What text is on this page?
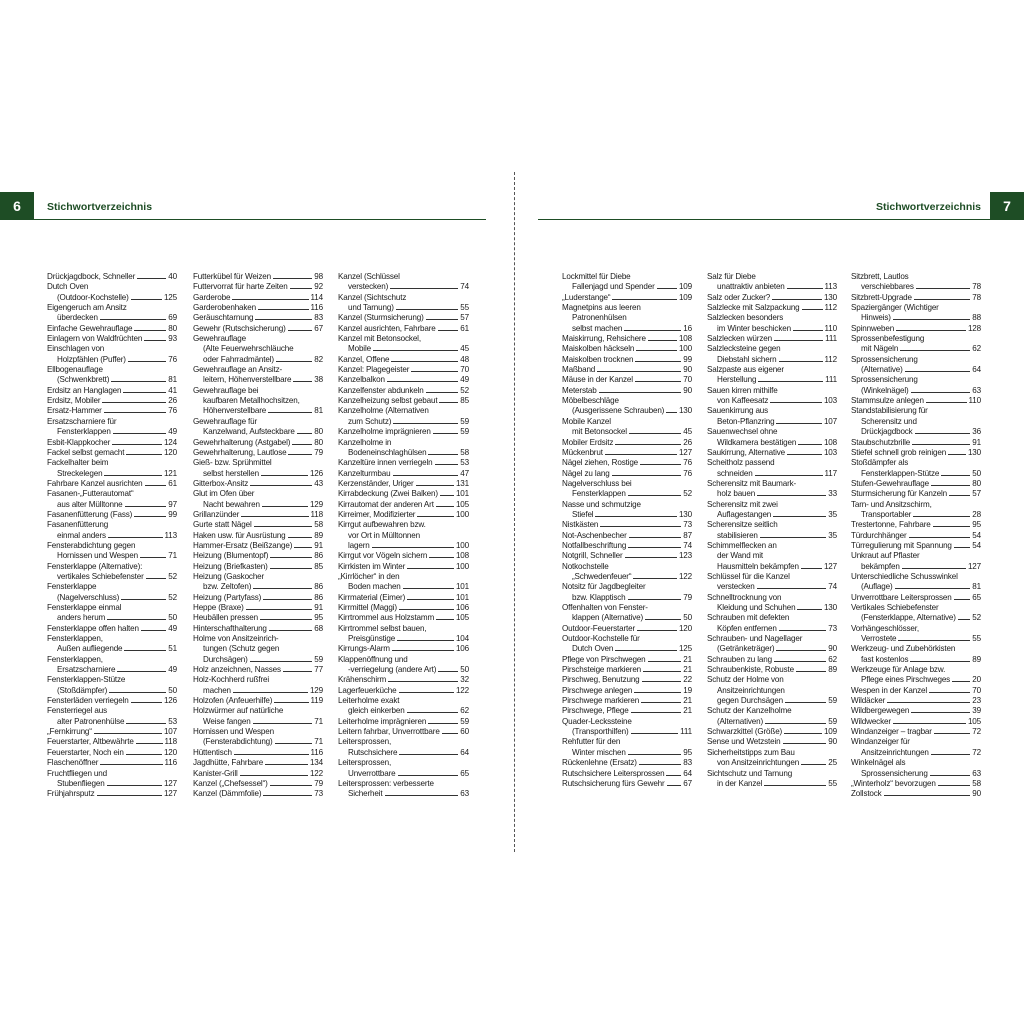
6	Stichwortverzeichnis
Drückjagdbock, Schneller	40
Dutch Oven
(Outdoor-Kochstelle)	125
Eigengeruch am Ansitz
überdecken	69
Einfache Gewehrauflage	80
Einlagern von Waldfrüchten	93
Einschlagen von
Holzpfählen (Puffer)	76
Ellbogenauflage
(Schwenkbrett)	81
Erdsitz an Hanglagen	41
Erdsitz, Mobiler	26
Ersatz-Hammer	76
Ersatzscharniere für
Fensterklappen	49
Esbit-Klappkocher	124
Fackel selbst gemacht	120
Fackelhalter beim
Streckelegen	121
Fahrbare Kanzel ausrichten	61
Fasanen-„Futterautomat“
aus alter Mülltonne	97
Fasanenfütterung (Fass)	99
Fasanenfütterung
einmal anders	113
Fensterabdichtung gegen
Hornissen und Wespen	71
Fensterklappe (Alternative):
vertikales Schiebefenster	52
Fensterklappe
(Nagelverschluss)	52
Fensterklappe einmal
anders herum	50
Fensterklappe offen halten	49
Fensterklappen,
Außen aufliegende	51
Fensterklappen,
Ersatzscharniere	49
Fensterklappen-Stütze
(Stoßdämpfer)	50
Fensterläden verriegeln	126
Fensterriegel aus
alter Patronenhülse	53
„Fernkirrung“	107
Feuerstarter, Altbewährte	118
Feuerstarter, Noch ein	120
Flaschenöffner	116
Fruchtfliegen und
Stubenfliegen	127
Frühjahrsputz	127
Futterkübel für Weizen	98
Futtervorrat für harte Zeiten	92
Garderobe	114
Garderobenhaken	116
Geräuschtarnung	83
Gewehr (Rutschsicherung)	67
Gewehrauflage
(Alte Feuerwehrschläuche
oder Fahrradmäntel)	82
Gewehrauflage an Ansitz-
leitern, Höhenverstellbare	38
Gewehrauflage bei
kaufbaren Metallhochsitzen,
Höhenverstellbare	81
Gewehrauflage für
Kanzelwand, Aufsteckbare 80
Gewehrhalterung (Astgabel)	80
Gewehrhalterung, Lautlose	79
Gieß- bzw. Sprühmittel
selbst herstellen	126
Gitterbox-Ansitz	43
Glut im Ofen über
Nacht bewahren	129
Grillanzünder	118
Gurte statt Nägel	58
Haken usw. für Ausrüstung	89
Hammer-Ersatz (Beißzange)	91
Heizung (Blumentopf)	86
Heizung (Briefkasten)	85
Heizung (Gaskocher
bzw. Zeltofen)	86
Heizung (Partyfass)	86
Heppe (Braxe)	91
Heubällen pressen	95
Hinterschafthalterung	68
Holme von Ansitzeinrich-
tungen (Schutz gegen
Durchsägen)	59
Holz anzeichnen, Nasses	77
Holz-Kochherd rußfrei
machen	129
Holzofen (Anfeuerhilfe)	119
Holzwürmer auf natürliche
Weise fangen	71
Hornissen und Wespen
(Fensterabdichtung)	71
Hüttentisch	116
Jagdhütte, Fahrbare	134
Kanister-Grill	122
Kanzel („Chefsessel“)	79
Kanzel (Dämmfolie)	73
Kanzel (Schlüssel
verstecken)	74
Kanzel (Sichtschutz
und Tarnung)	55
Kanzel (Sturmsicherung)	57
Kanzel ausrichten, Fahrbare	61
Kanzel mit Betonsockel,
Mobile	45
Kanzel, Offene	48
Kanzel: Plagegeister	70
Kanzelbalkon	49
Kanzelfenster abdunkeln	52
Kanzelheizung selbst gebaut	85
Kanzelholme (Alternativen
zum Schutz)	59
Kanzelholme imprägnieren	59
Kanzelholme in
Bodeneinschlaghülsen	58
Kanzeltüre innen verriegeln	53
Kanzelturmbau	47
Kerzenständer, Uriger	131
Kirrabdeckung (Zwei Balken) 101
Kirrautomat der anderen Art	105
Kirreimer, Modifizierter	100
Kirrgut aufbewahren bzw.
vor Ort in Mülltonnen
lagern	100
Kirrgut vor Vögeln sichern	108
Kirrkisten im Winter	100
„Kirrlöcher“ in den
Boden machen	101
Kirrmaterial (Eimer)	101
Kirrmittel (Maggi)	106
Kirrtrommel aus Holzstamm	105
Kirrtrommel selbst bauen,
Preisgünstige	104
Kirrungs-Alarm	106
Klappenöffnung und
-verriegelung (andere Art)	50
Krähenschirm	32
Lagerfeuerküche	122
Leiterholme exakt
gleich einkerben	62
Leiterholme imprägnieren	59
Leitern fahrbar, Unverrottbare	60
Leitersprossen,
Rutschsichere	64
Leitersprossen,
Unverrottbare	65
Leitersprossen: verbesserte
Sicherheit	63
7
Stichwortverzeichnis
Lockmittel für Diebe
Fallenjagd und Spender	109
„Luderstange“	109
Magnetpins aus leeren
Patronenhülsen
selbst machen	16
Maiskirrung, Rehsichere	108
Maiskolben häckseln	100
Maiskolben trocknen	99
Maßband	90
Mäuse in der Kanzel	70
Meterstab	90
Möbelbeschläge
(Ausgerissene Schrauben) 130
Mobile Kanzel
mit Betonsockel	45
Mobiler Erdsitz	26
Mückenbrut	127
Nägel ziehen, Rostige	76
Nägel zu lang	76
Nagelverschluss bei
Fensterklappen	52
Nasse und schmutzige
Stiefel	130
Nistkästen	73
Not-Aschenbecher	87
Notfallbeschriftung	74
Notgrill, Schneller	123
Notkochstelle
„Schwedenfeuer“	122
Notsitz für Jagdbegleiter
bzw. Klapptisch	79
Offenhalten von Fenster-
klappen (Alternative)	50
Outdoor-Feuerstarter	120
Outdoor-Kochstelle für
Dutch Oven	125
Pflege von Pirschwegen	21
Pirschsteige markieren	21
Pirschweg, Benutzung	22
Pirschwege anlegen	19
Pirschwege markieren	21
Pirschwege, Pflege	21
Quader-Leckssteine
(Transporthilfen)	111
Rehfutter für den
Winter mischen	95
Rückenlehne (Ersatz)	83
Rutschsichere Leitersprossen 64
Rutschsicherung fürs Gewehr 67
Salz für Diebe
unattraktiv anbieten	113
Salz oder Zucker?	130
Salzlecke mit Salzpackung	112
Salzlecken besonders
im Winter beschicken	110
Salzlecken würzen	111
Salzlecksteine gegen
Diebstahl sichern	112
Salzpaste aus eigener
Herstellung	111
Sauen kirren mithilfe
von Kaffeesatz	103
Sauenkirrung aus
Beton-Pflanzring	107
Sauenwechsel ohne
Wildkamera bestätigen	108
Saukirrung, Alternative	103
Scheitholz passend
schneiden	117
Scherensitz mit Baumark-
holz bauen	33
Scherensitz mit zwei
Auflagestangen	35
Scherensitze seitlich
stabilisieren	35
Schimmelflecken an
der Wand mit
Hausmitteln bekämpfen	127
Schlüssel für die Kanzel
verstecken	74
Schnelltrocknung von
Kleidung und Schuhen	130
Schrauben mit defekten
Köpfen entfernen	73
Schrauben- und Nagellager
(Getränketräger)	90
Schrauben zu lang	62
Schraubenkiste, Robuste	89
Schutz der Holme von
Ansitzeinrichtungen
gegen Durchsägen	59
Schutz der Kanzelholme
(Alternativen)	59
Schwarzkittel (Größe)	109
Sense und Wetzstein	90
Sicherheitstipps zum Bau
von Ansitzeinrichtungen	25
Sichtschutz und Tarnung
in der Kanzel	55
Sitzbrett, Lautlos
verschiebbares	78
Sitzbrett-Upgrade	78
Spaziergänger (Wichtiger
Hinweis)	88
Spinnweben	128
Sprossenbefestigung
mit Nägeln	62
Sprossensicherung
(Alternative)	64
Sprossensicherung
(Winkelnägel)	63
Stammsulze anlegen	110
Standstabilisierung für
Scherensitz und
Drückjagdbock	36
Staubschutzbrille	91
Stiefel schnell grob reinigen	130
Stoßdämpfer als
Fensterklappen-Stütze	50
Stufen-Gewehrauflage	80
Sturmsicherung für Kanzeln	57
Tarn- und Ansitzschirm,
Transportabler	28
Trestertonne, Fahrbare	95
Türdurchhänger	54
Türregulierung mit Spannung	54
Unkraut auf Pflaster
bekämpfen	127
Unterschiedliche Schusswinkel
(Auflage)	81
Unverrottbare Leitersprossen	65
Vertikales Schiebefenster
(Fensterklappe, Alternative) 52
Vorhängeschlösser,
Verrostete	55
Werkzeug- und Zubehörkisten
fast kostenlos	89
Werkzeuge für Anlage bzw.
Pflege eines Pirschweges	20
Wespen in der Kanzel	70
Wildäcker	23
Wildbergewegen	39
Wildwecker	105
Windanzeiger – tragbar	72
Windanzeiger für
Ansitzeinrichtungen	72
Winkelnägel als
Sprossensicherung	63
„Winterholz“ bevorzugen	58
Zollstock	90
